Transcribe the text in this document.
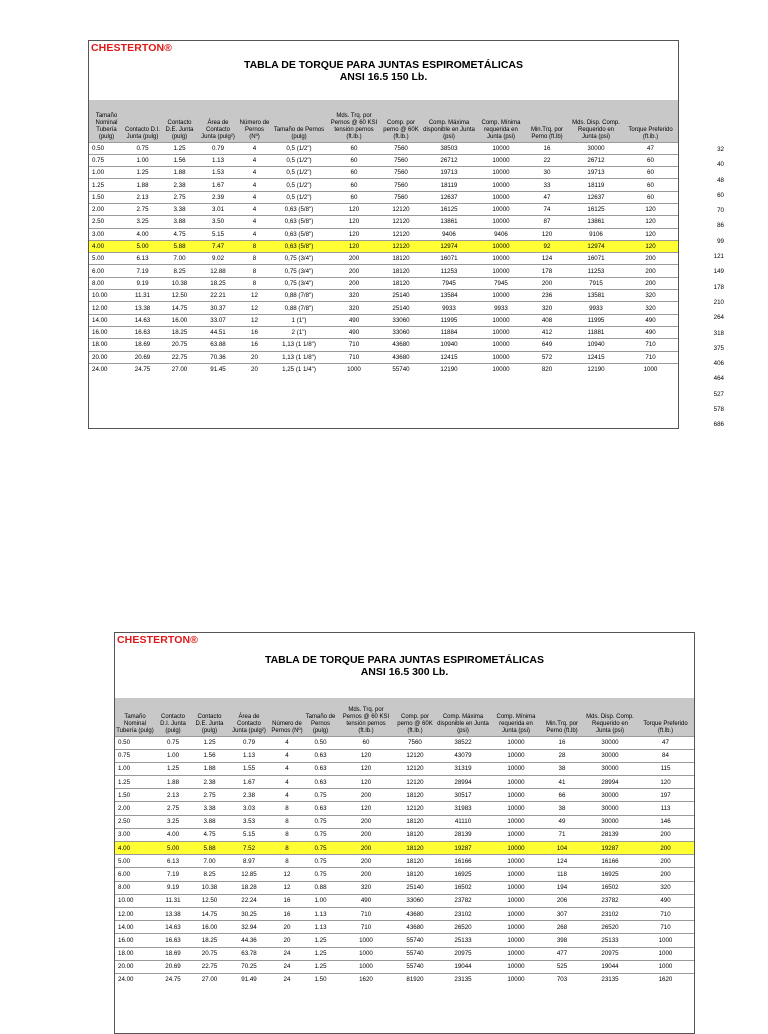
CHESTERTON®
TABLA DE TORQUE PARA JUNTAS ESPIROMETÁLICAS
ANSI 16.5 150 Lb.
Tamaño Nominal Tubería (pulg)	Contacto D.I. Junta (pulg)	Contacto D.E. Junta (pulg)	Área de Contacto Junta (pulg²)	Número de Pernos (Nº)	Tamaño de Pernos (pulg)	Mds. Trq. por Pernos @ 60 KSI tensión pernos (ft.lb.)	Comp. por perno @ 60K (ft.lb.)	Comp. Máxima disponible en Junta (psi)	Comp. Mínima requerida en Junta (psi)	Min.Trq. por Perno (ft.lb)	Mds. Disp. Comp. Requerido en Junta (psi)	Torque Preferido (ft.lb.)
0.50	0.75	1.25	0.79	4	0,5 (1/2")	60	7560	38503	10000	16	30000	47
0.75	1.00	1.56	1.13	4	0,5 (1/2")	60	7560	26712	10000	22	26712	60
1.00	1.25	1.88	1.53	4	0,5 (1/2")	60	7560	19713	10000	30	19713	60
1.25	1.88	2.38	1.67	4	0,5 (1/2")	60	7560	18119	10000	33	18119	60
1.50	2.13	2.75	2.39	4	0,5 (1/2")	60	7560	12637	10000	47	12637	60
2.00	2.75	3.38	3.01	4	0,63 (5/8")	120	12120	16125	10000	74	16125	120
2.50	3.25	3.88	3.50	4	0,63 (5/8")	120	12120	13861	10000	87	13861	120
3.00	4.00	4.75	5.15	4	0,63 (5/8")	120	12120	9406	9406	120	9106	120
4.00	5.00	5.88	7.47	8	0,63 (5/8")	120	12120	12974	10000	92	12974	120
5.00	6.13	7.00	9.02	8	0,75 (3/4")	200	18120	16071	10000	124	16071	200
6.00	7.19	8.25	12.88	8	0,75 (3/4")	200	18120	11253	10000	178	11253	200
8.00	9.19	10.38	18.25	8	0,75 (3/4")	200	18120	7945	7945	200	7915	200
10.00	11.31	12.50	22.21	12	0,88 (7/8")	320	25140	13584	10000	236	13581	320
12.00	13.38	14.75	30.37	12	0,88 (7/8")	320	25140	9933	9933	320	9933	320
14.00	14.63	16.00	33.07	12	1 (1")	490	33060	11995	10000	408	11995	490
16.00	16.63	18.25	44.51	16	2 (1")	490	33060	11884	10000	412	11881	490
18.00	18.69	20.75	63.88	16	1,13 (1 1/8")	710	43680	10940	10000	649	10940	710
20.00	20.69	22.75	70.36	20	1,13 (1 1/8")	710	43680	12415	10000	572	12415	710
24.00	24.75	27.00	91.45	20	1,25 (1 1/4")	1000	55740	12190	10000	820	12190	1000
32
40
48
60
70
86
99
121
149
178
210
264
318
375
406
464
527
578
686
CHESTERTON®
TABLA DE TORQUE PARA JUNTAS ESPIROMETÁLICAS
ANSI 16.5 300 Lb.
Tamaño Nominal Tubería (pulg)	Contacto D.I. Junta (pulg)	Contacto D.E. Junta (pulg)	Área de Contacto Junta (pulg²)	Número de Pernos (Nº)	Tamaño de Pernos (pulg)	Mds. Trq. por Pernos @ 60 KSI tensión pernos (ft.lb.)	Comp. por perno @ 60K (ft.lb.)	Comp. Máxima disponible en Junta (psi)	Comp. Mínima requerida en Junta (psi)	Min.Trq. por Perno (ft.lb)	Mds. Disp. Comp. Requerido en Junta (psi)	Torque Preferido (ft.lb.)
0.50	0.75	1.25	0.79	4	0.50	60	7560	38522	10000	16	30000	47
0.75	1.00	1.56	1.13	4	0.63	120	12120	43079	10000	28	30000	84
1.00	1.25	1.88	1.55	4	0.63	120	12120	31319	10000	38	30000	115
1.25	1.88	2.38	1.67	4	0.63	120	12120	28994	10000	41	28994	120
1.50	2.13	2.75	2.38	4	0.75	200	18120	30517	10000	66	30000	197
2.00	2.75	3.38	3.03	8	0.63	120	12120	31983	10000	38	30000	113
2.50	3.25	3.88	3.53	8	0.75	200	18120	41110	10000	49	30000	146
3.00	4.00	4.75	5.15	8	0.75	200	18120	28139	10000	71	28139	200
4.00	5.00	5.88	7.52	8	0.75	200	18120	19287	10000	104	19287	200
5.00	6.13	7.00	8.97	8	0.75	200	18120	16166	10000	124	16166	200
6.00	7.19	8.25	12.85	12	0.75	200	18120	16925	10000	118	16925	200
8.00	9.19	10.38	18.28	12	0.88	320	25140	16502	10000	194	16502	320
10.00	11.31	12.50	22.24	16	1.00	490	33060	23782	10000	206	23782	490
12.00	13.38	14.75	30.25	16	1.13	710	43680	23102	10000	307	23102	710
14.00	14.63	16.00	32.94	20	1.13	710	43680	26520	10000	268	26520	710
16.00	16.63	18.25	44.36	20	1.25	1000	55740	25133	10000	398	25133	1000
18.00	18.69	20.75	63.78	24	1.25	1000	55740	20975	10000	477	20975	1000
20.00	20.69	22.75	70.25	24	1.25	1000	55740	19044	10000	525	19044	1000
24.00	24.75	27.00	91.49	24	1.50	1620	81920	23135	10000	703	23135	1620
